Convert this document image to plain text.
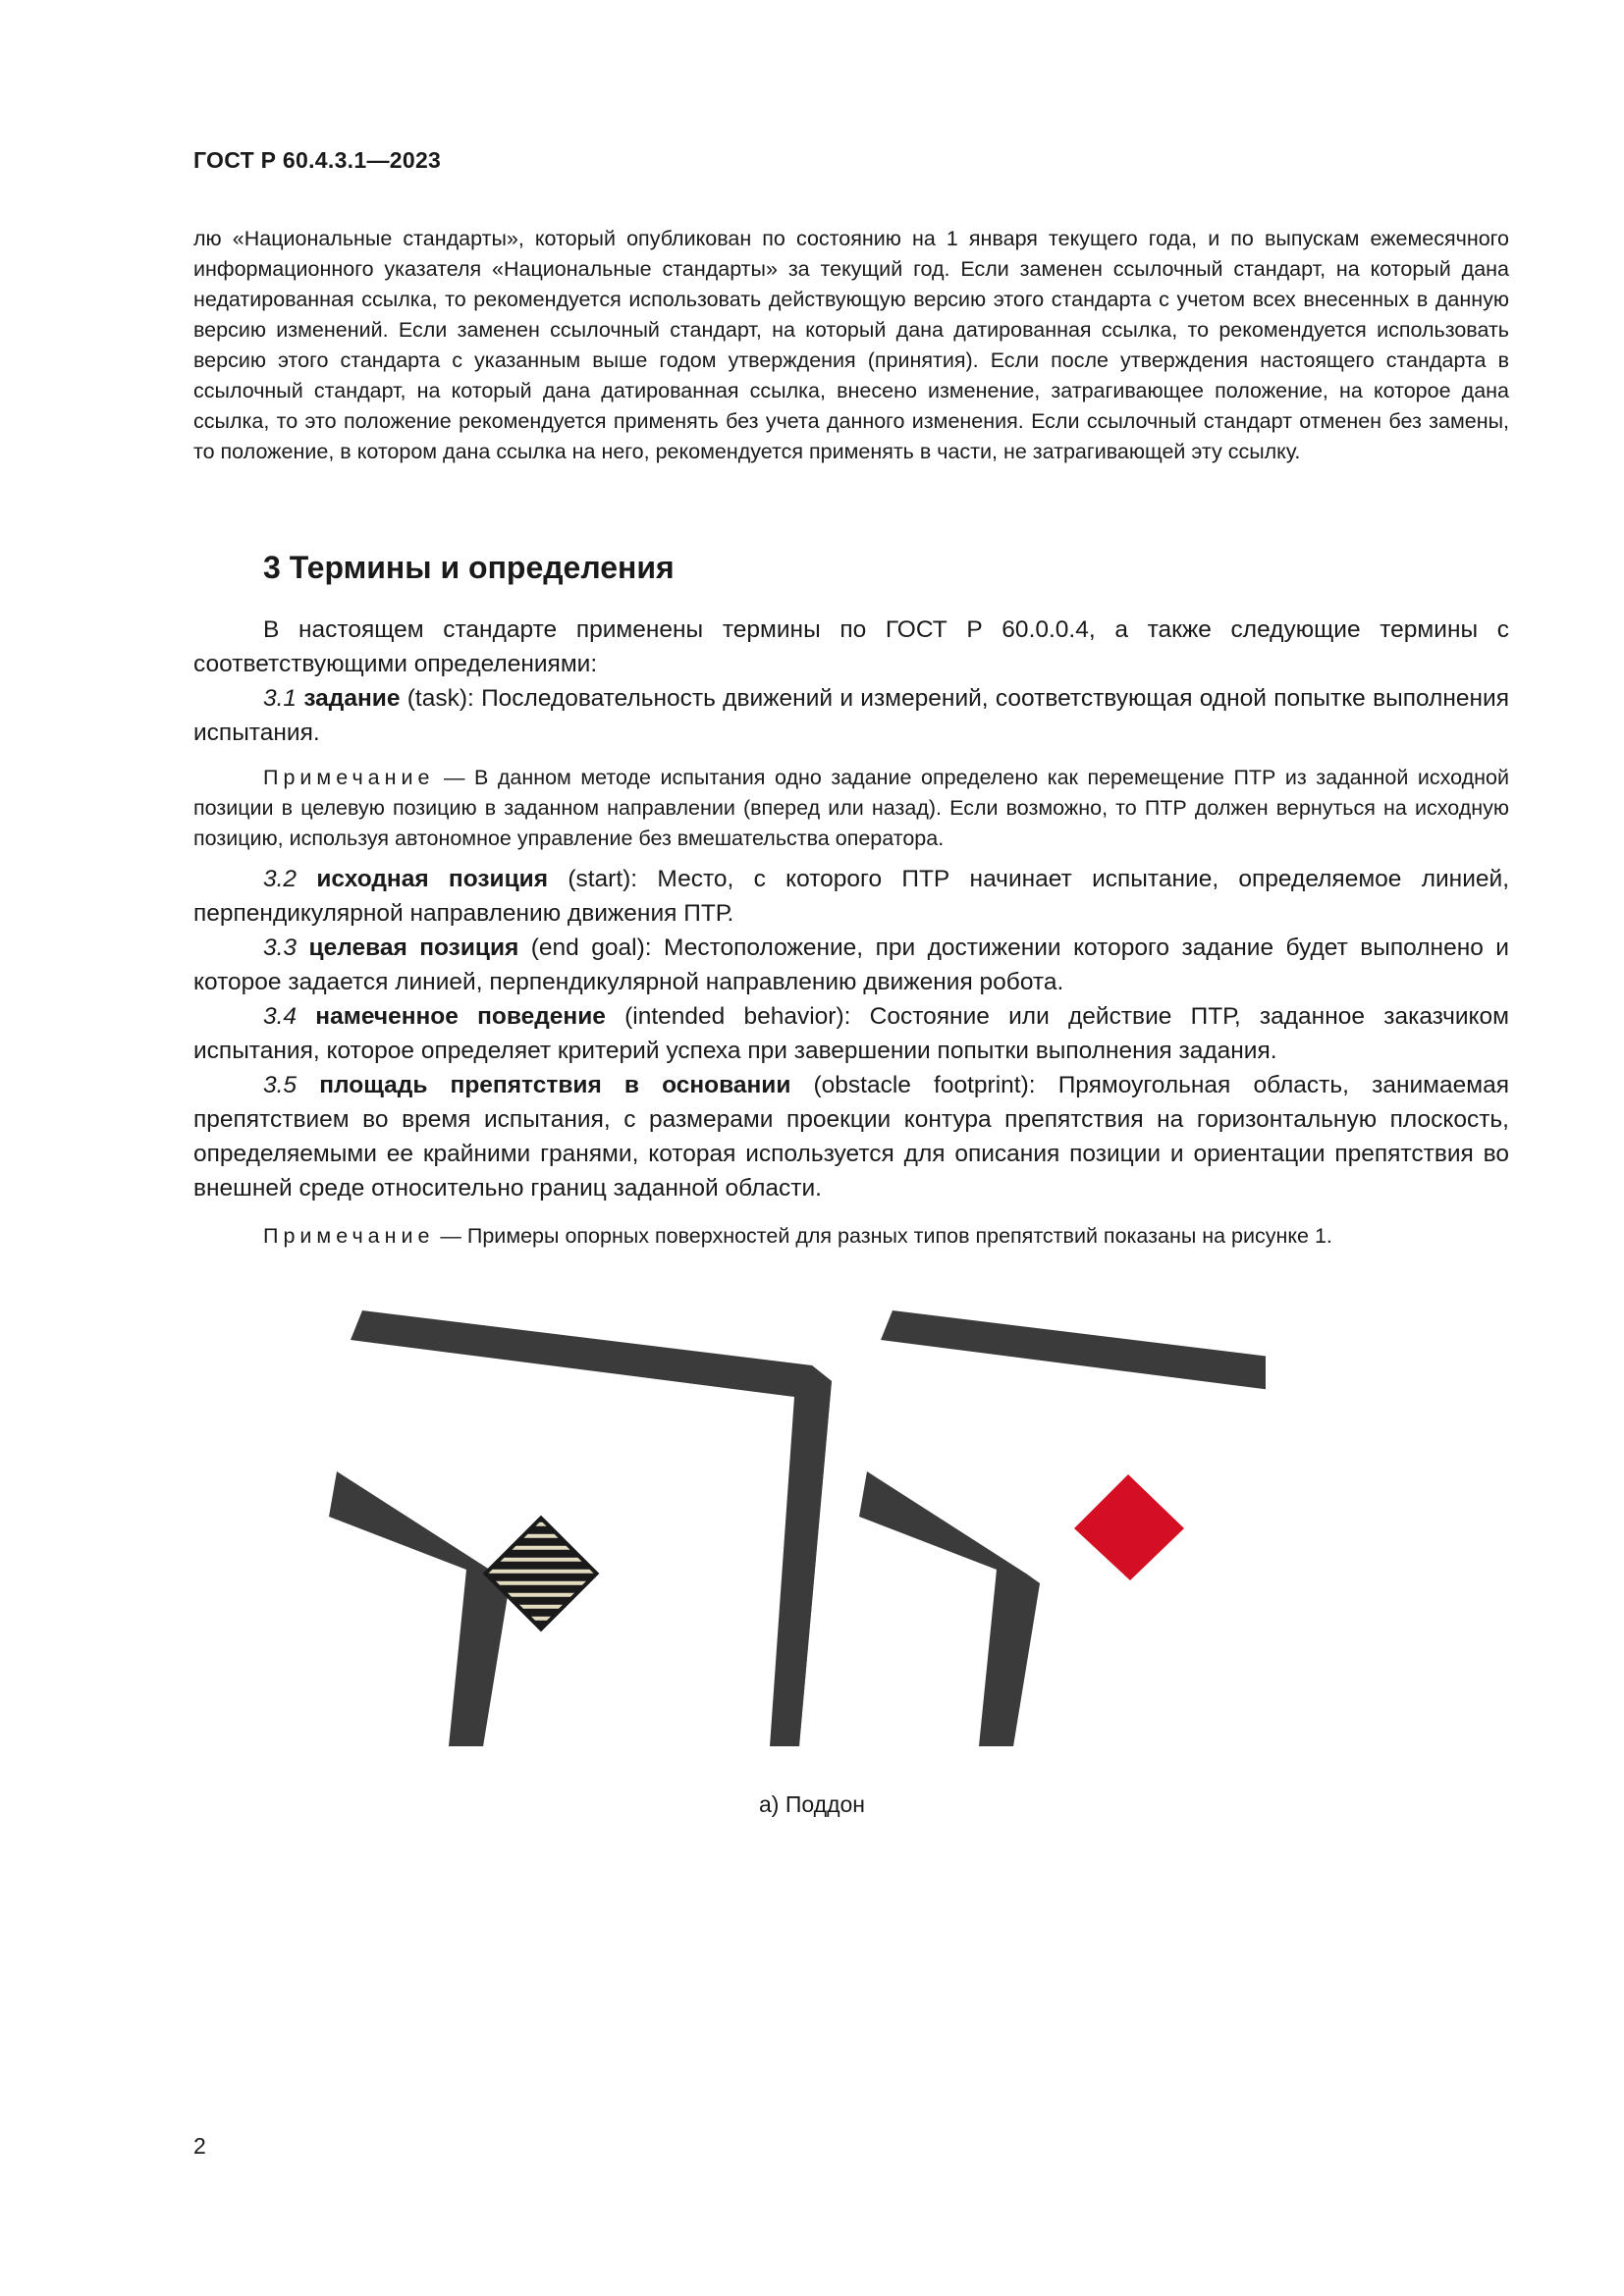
ГОСТ Р 60.4.3.1—2023

лю «Национальные стандарты», который опубликован по состоянию на 1 января текущего года, и по выпускам ежемесячного информационного указателя «Национальные стандарты» за текущий год. Если заменен ссылочный стандарт, на который дана недатированная ссылка, то рекомендуется использовать действующую версию этого стандарта с учетом всех внесенных в данную версию изменений. Если заменен ссылочный стандарт, на который дана датированная ссылка, то рекомендуется использовать версию этого стандарта с указанным выше годом утверждения (принятия). Если после утверждения настоящего стандарта в ссылочный стандарт, на который дана датированная ссылка, внесено изменение, затрагивающее положение, на которое дана ссылка, то это положение рекомендуется применять без учета данного изменения. Если ссылочный стандарт отменен без замены, то положение, в котором дана ссылка на него, рекомендуется применять в части, не затрагивающей эту ссылку.

3 Термины и определения

В настоящем стандарте применены термины по ГОСТ Р 60.0.0.4, а также следующие термины с соответствующими определениями:

3.1 задание (task): Последовательность движений и измерений, соответствующая одной попытке выполнения испытания.

Примечание — В данном методе испытания одно задание определено как перемещение ПТР из заданной исходной позиции в целевую позицию в заданном направлении (вперед или назад). Если возможно, то ПТР должен вернуться на исходную позицию, используя автономное управление без вмешательства оператора.

3.2 исходная позиция (start): Место, с которого ПТР начинает испытание, определяемое линией, перпендикулярной направлению движения ПТР.

3.3 целевая позиция (end goal): Местоположение, при достижении которого задание будет выполнено и которое задается линией, перпендикулярной направлению движения робота.

3.4 намеченное поведение (intended behavior): Состояние или действие ПТР, заданное заказчиком испытания, которое определяет критерий успеха при завершении попытки выполнения задания.

3.5 площадь препятствия в основании (obstacle footprint): Прямоугольная область, занимаемая препятствием во время испытания, с размерами проекции контура препятствия на горизонтальную плоскость, определяемыми ее крайними гранями, которая используется для описания позиции и ориентации препятствия во внешней среде относительно границ заданной области.

Примечание — Примеры опорных поверхностей для разных типов препятствий показаны на рисунке 1.

а) Поддон
2
